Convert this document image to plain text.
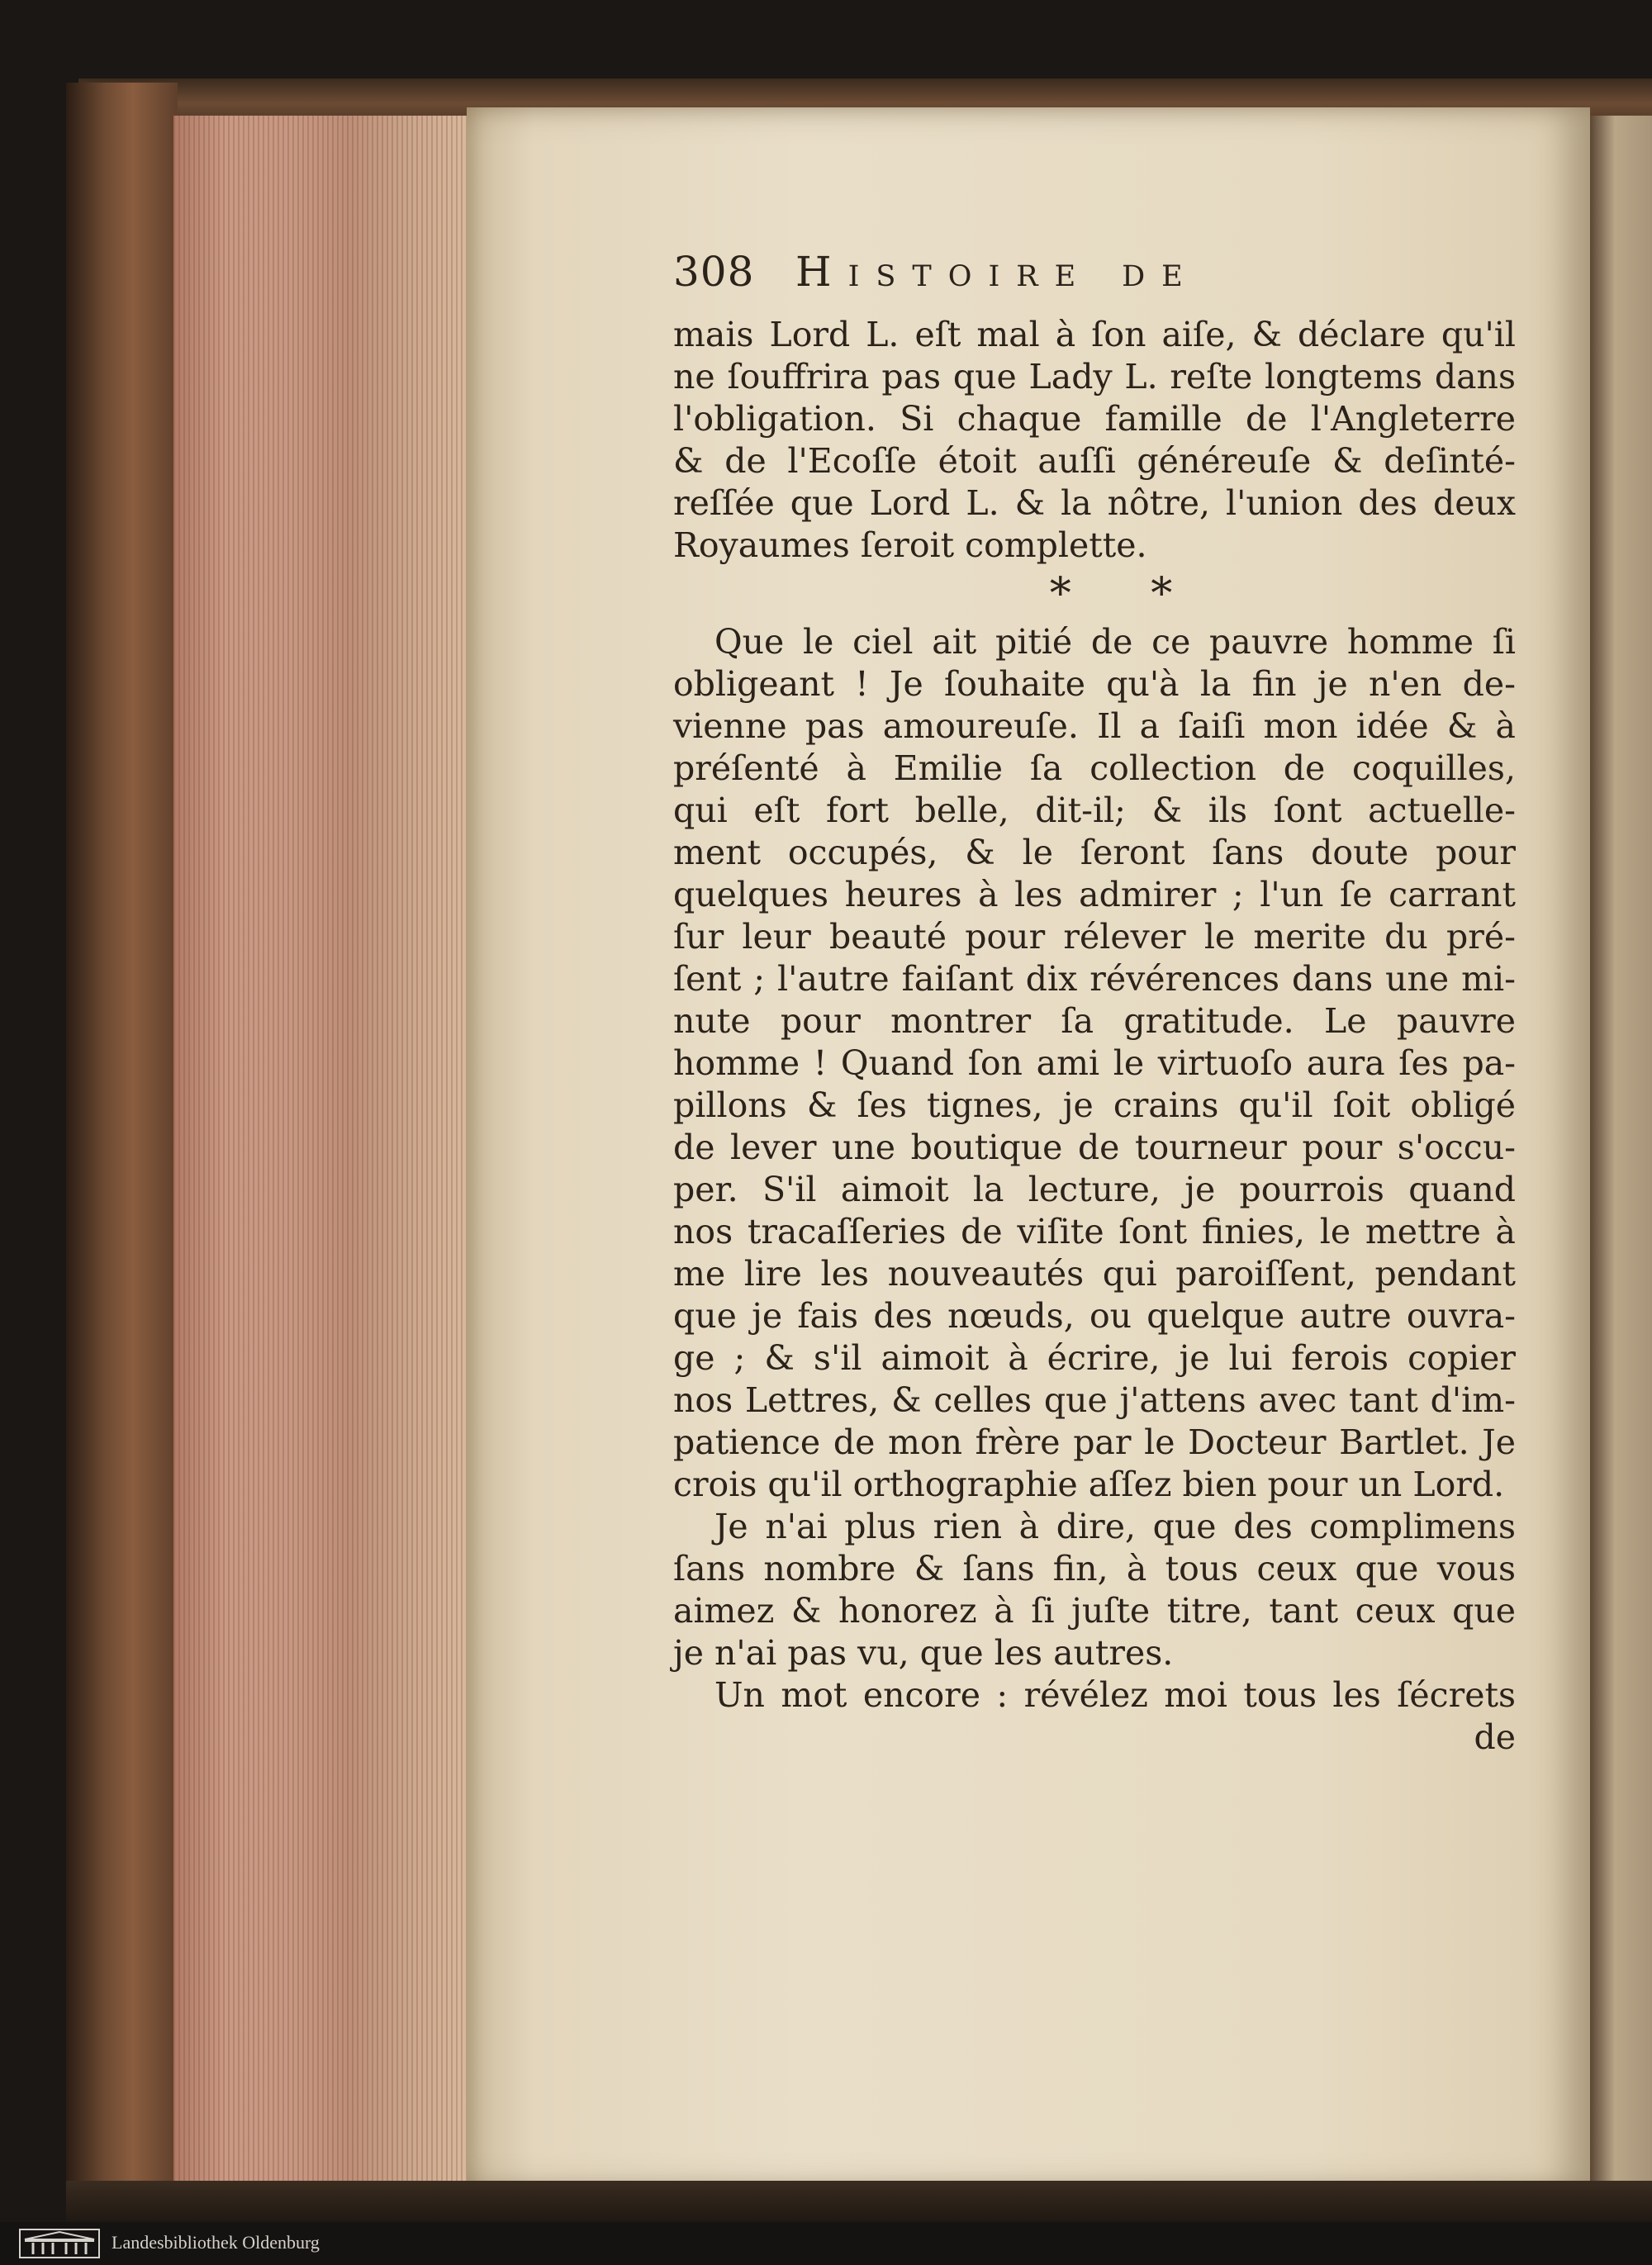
308 Histoire de
mais Lord L. eſt mal à ſon aiſe, & déclare qu'il
ne ſouffrira pas que Lady L. reſte longtems dans
l'obligation. Si chaque famille de l'Angleterre
& de l'Ecoſſe étoit auſſi généreuſe & deſinté-
reſſée que Lord L. & la nôtre, l'union des deux
Royaumes ſeroit complette.
* *
Que le ciel ait pitié de ce pauvre homme ſi
obligeant ! Je ſouhaite qu'à la fin je n'en de-
vienne pas amoureuſe. Il a ſaiſi mon idée & à
préſenté à Emilie ſa collection de coquilles,
qui eſt fort belle, dit-il; & ils ſont actuelle-
ment occupés, & le ſeront ſans doute pour
quelques heures à les admirer ; l'un ſe carrant
ſur leur beauté pour rélever le merite du pré-
ſent ; l'autre faiſant dix révérences dans une mi-
nute pour montrer ſa gratitude. Le pauvre
homme ! Quand ſon ami le virtuoſo aura ſes pa-
pillons & ſes tignes, je crains qu'il ſoit obligé
de lever une boutique de tourneur pour s'occu-
per. S'il aimoit la lecture, je pourrois quand
nos tracaſſeries de viſite ſont finies, le mettre à
me lire les nouveautés qui paroiſſent, pendant
que je fais des nœuds, ou quelque autre ouvra-
ge ; & s'il aimoit à écrire, je lui ferois copier
nos Lettres, & celles que j'attens avec tant d'im-
patience de mon frère par le Docteur Bartlet. Je
crois qu'il orthographie aſſez bien pour un Lord.
Je n'ai plus rien à dire, que des complimens
ſans nombre & ſans fin, à tous ceux que vous
aimez & honorez à ſi juſte titre, tant ceux que
je n'ai pas vu, que les autres.
Un mot encore : révélez moi tous les ſécrets
de
Landesbibliothek Oldenburg
